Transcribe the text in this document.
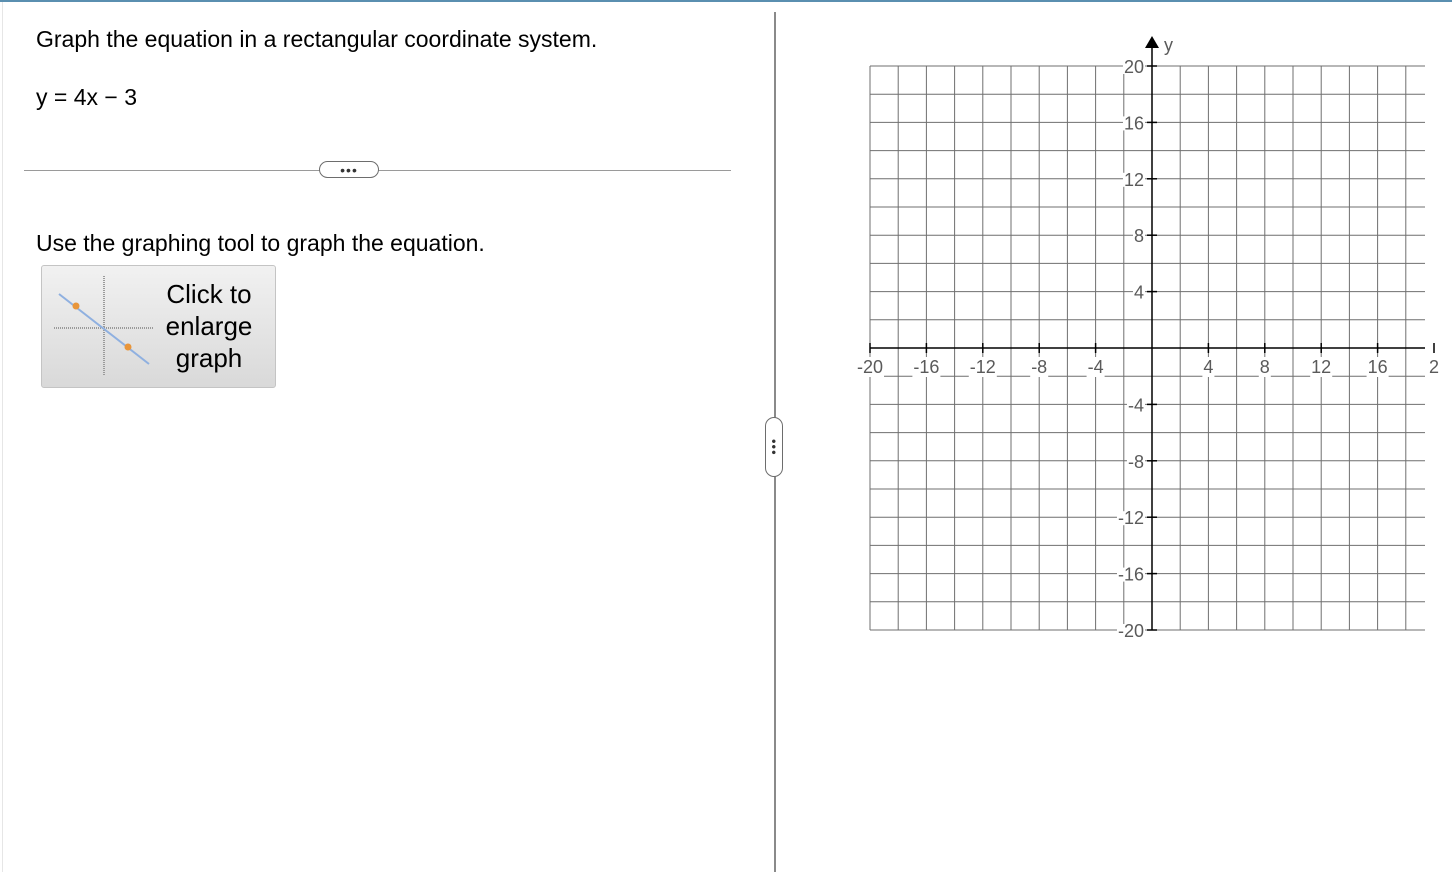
Graph the equation in a rectangular coordinate system.
y = 4x − 3
•••
Use the graphing tool to graph the equation.
Click to
enlarge
graph
•••
y
-20 -16 -12 -8 -4	4	8 12 16 2
20
16
12
8
4
-4
-8
-12
-16
-20
